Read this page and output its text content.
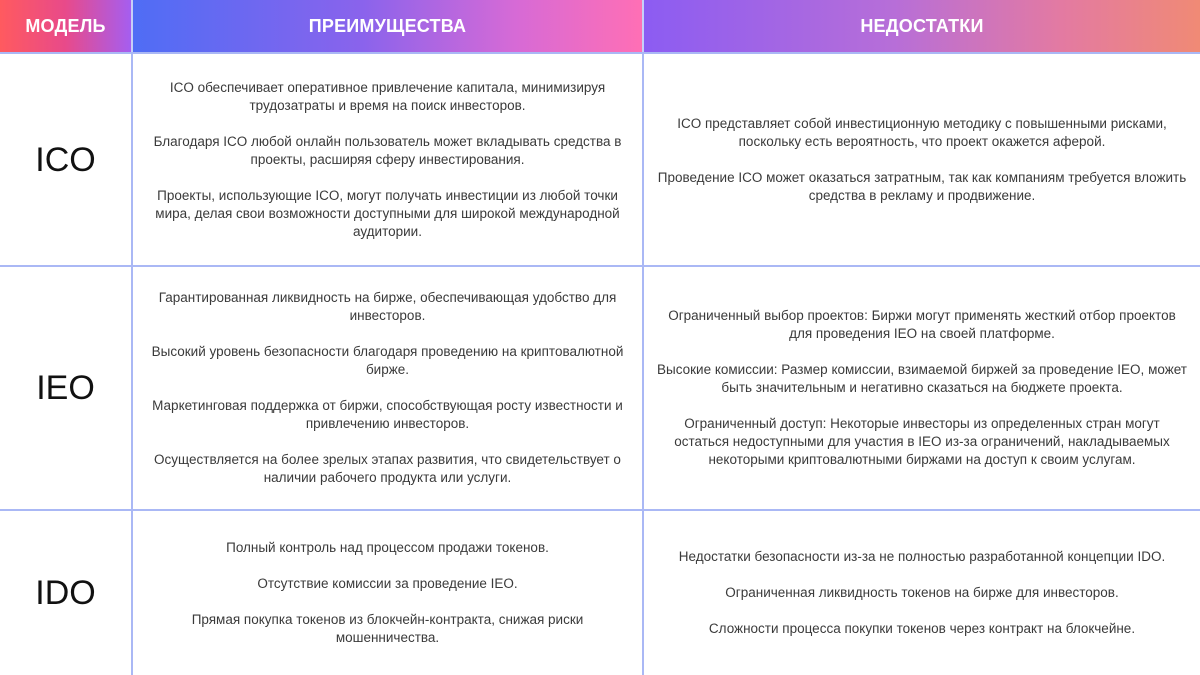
МОДЕЛЬ	ПРЕИМУЩЕСТВА	НЕДОСТАТКИ
ICO

ICO обеспечивает оперативное привлечение капитала, минимизируя трудозатраты и время на поиск инвесторов.

Благодаря ICO любой онлайн пользователь может вкладывать средства в проекты, расширяя сферу инвестирования.

Проекты, использующие ICO, могут получать инвестиции из любой точки мира, делая свои возможности доступными для широкой международной аудитории.

ICO представляет собой инвестиционную методику с повышенными рисками, поскольку есть вероятность, что проект окажется аферой.

Проведение ICO может оказаться затратным, так как компаниям требуется вложить средства в рекламу и продвижение.

IEO

Гарантированная ликвидность на бирже, обеспечивающая удобство для инвесторов.

Высокий уровень безопасности благодаря проведению на криптовалютной бирже.

Маркетинговая поддержка от биржи, способствующая росту известности и привлечению инвесторов.

Осуществляется на более зрелых этапах развития, что свидетельствует о наличии рабочего продукта или услуги.

Ограниченный выбор проектов: Биржи могут применять жесткий отбор проектов для проведения IEO на своей платформе.

Высокие комиссии: Размер комиссии, взимаемой биржей за проведение IEO, может быть значительным и негативно сказаться на бюджете проекта.

Ограниченный доступ: Некоторые инвесторы из определенных стран могут остаться недоступными для участия в IEO из-за ограничений, накладываемых некоторыми криптовалютными биржами на доступ к своим услугам.

IDO

Полный контроль над процессом продажи токенов.

Отсутствие комиссии за проведение IEO.

Прямая покупка токенов из блокчейн-контракта, снижая риски мошенничества.

Недостатки безопасности из-за не полностью разработанной концепции IDO.

Ограниченная ликвидность токенов на бирже для инвесторов.

Сложности процесса покупки токенов через контракт на блокчейне.
